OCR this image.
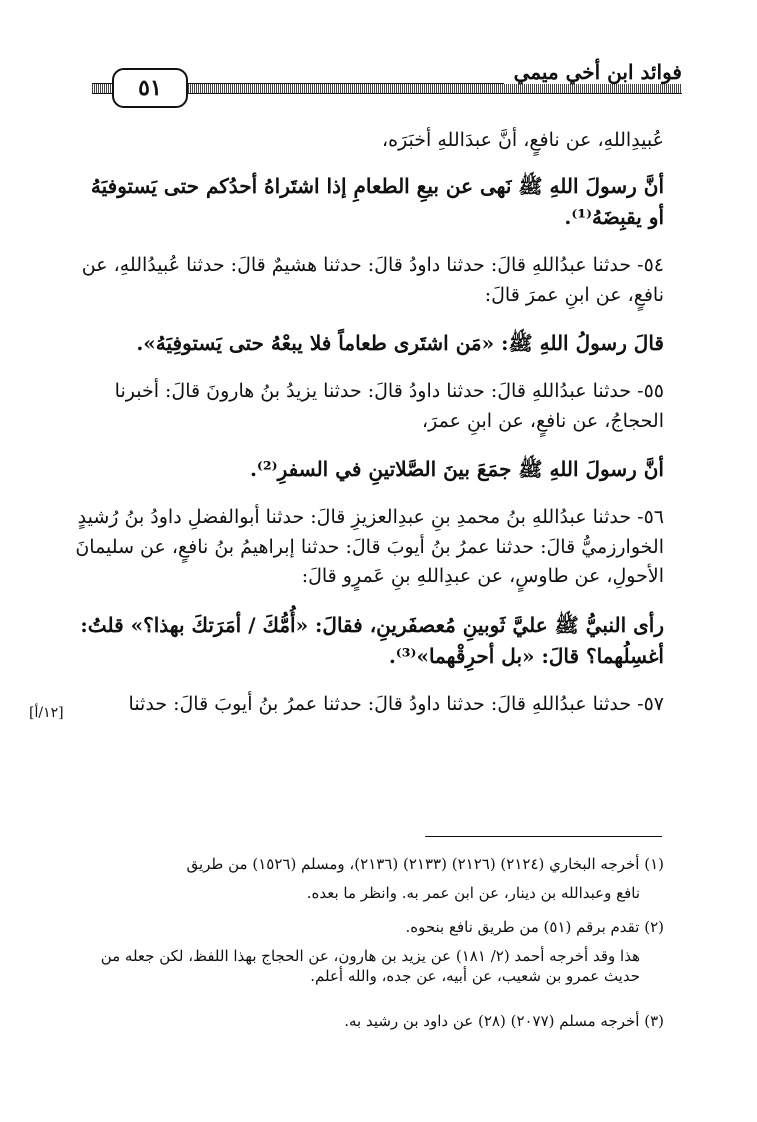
٥١
فوائد ابن أخي ميمي

عُبيدِاللهِ، عن نافعٍ، أنَّ عبدَاللهِ أخبَرَه،

أنَّ رسولَ اللهِ ﷺ نَهى عن بيعِ الطعامِ إذا اشتَراهُ أحدُكم حتى يَستوفيَهُ أو يقبِضَهُ⁽¹⁾.

٥٤- حدثنا عبدُاللهِ قالَ: حدثنا داودُ قالَ: حدثنا هشيمٌ قالَ: حدثنا عُبيدُاللهِ، عن نافعٍ، عن ابنِ عمرَ قالَ:

قالَ رسولُ اللهِ ﷺ: «مَن اشتَرى طعاماً فلا يبعْهُ حتى يَستوفِيَهُ».

٥٥- حدثنا عبدُاللهِ قالَ: حدثنا داودُ قالَ: حدثنا يزيدُ بنُ هارونَ قالَ: أخبرنا الحجاجُ، عن نافعٍ، عن ابنِ عمرَ،

أنَّ رسولَ اللهِ ﷺ جمَعَ بينَ الصَّلاتينِ في السفرِ⁽²⁾.

٥٦- حدثنا عبدُاللهِ بنُ محمدِ بنِ عبدِالعزيزِ قالَ: حدثنا أبوالفضلِ داودُ بنُ رُشيدٍ الخوارزميُّ قالَ: حدثنا عمرُ بنُ أيوبَ قالَ: حدثنا إبراهيمُ بنُ نافعٍ، عن سليمانَ الأحولِ، عن طاوسٍ، عن عبدِاللهِ بنِ عَمرٍو قالَ:

رأى النبيُّ ﷺ عليَّ ثَوبينِ مُعصفَرينِ، فقالَ: «أُمُّكَ / أمَرَتكَ بهذا؟» قلتُ: أغسِلُهما؟ قالَ: «بل أحرِقْهما»⁽³⁾.

٥٧- حدثنا عبدُاللهِ قالَ: حدثنا داودُ قالَ: حدثنا عمرُ بنُ أيوبَ قالَ: حدثنا

[١٢/أ]

(١) أخرجه البخاري (٢١٢٤) (٢١٢٦) (٢١٣٣) (٢١٣٦)، ومسلم (١٥٢٦) من طريق

نافع وعبدالله بن دينار، عن ابن عمر به. وانظر ما بعده.

(٢) تقدم برقم (٥١) من طريق نافع بنحوه.

هذا وقد أخرجه أحمد (٢/ ١٨١) عن يزيد بن هارون، عن الحجاج بهذا اللفظ، لكن جعله من حديث عمرو بن شعيب، عن أبيه، عن جده، والله أعلم.

(٣) أخرجه مسلم (٢٠٧٧) (٢٨) عن داود بن رشيد به.
